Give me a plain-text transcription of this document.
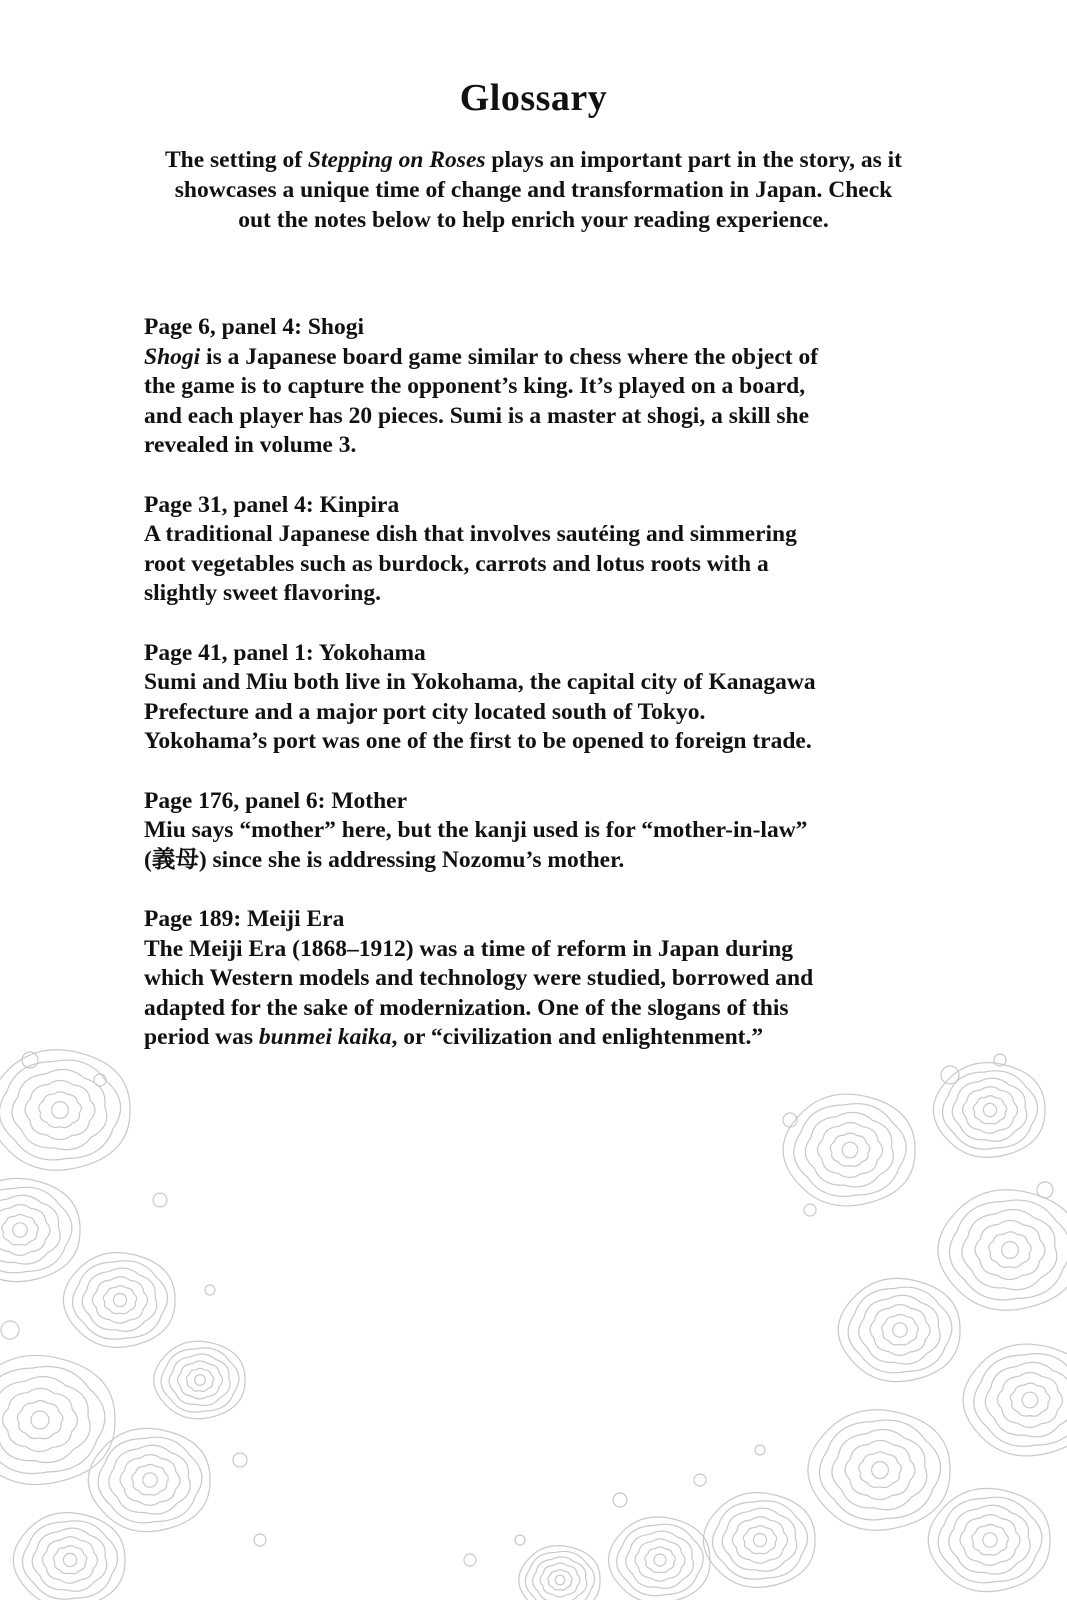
Glossary

The setting of Stepping on Roses plays an important part in the story, as it
showcases a unique time of change and transformation in Japan. Check
out the notes below to help enrich your reading experience.

Page 6, panel 4: Shogi

Shogi is a Japanese board game similar to chess where the object of
the game is to capture the opponent’s king. It’s played on a board,
and each player has 20 pieces. Sumi is a master at shogi, a skill she
revealed in volume 3.

Page 31, panel 4: Kinpira

A traditional Japanese dish that involves sautéing and simmering
root vegetables such as burdock, carrots and lotus roots with a
slightly sweet flavoring.

Page 41, panel 1: Yokohama

Sumi and Miu both live in Yokohama, the capital city of Kanagawa
Prefecture and a major port city located south of Tokyo.
Yokohama’s port was one of the first to be opened to foreign trade.

Page 176, panel 6: Mother

Miu says “mother” here, but the kanji used is for “mother-in-law”
(義母) since she is addressing Nozomu’s mother.

Page 189: Meiji Era

The Meiji Era (1868–1912) was a time of reform in Japan during
which Western models and technology were studied, borrowed and
adapted for the sake of modernization. One of the slogans of this
period was bunmei kaika, or “civilization and enlightenment.”
